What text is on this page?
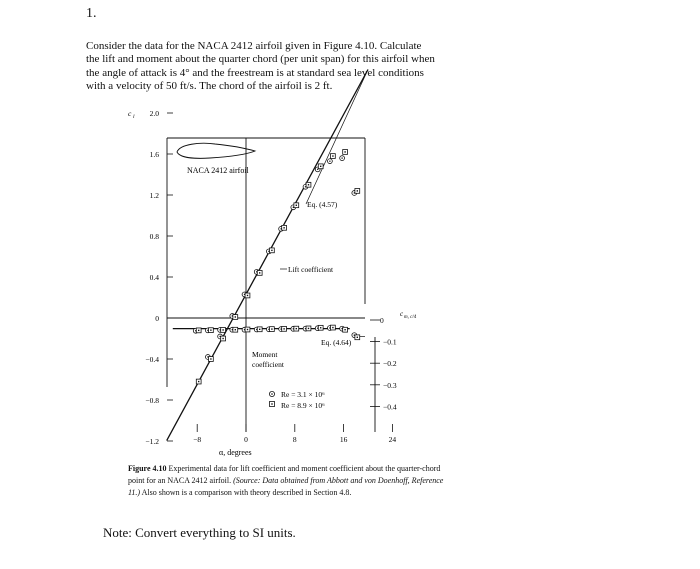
1.
Consider the data for the NACA 2412 airfoil given in Figure 4.10. Calculate the lift and moment about the quarter chord (per unit span) for this airfoil when the angle of attack is 4° and the freestream is at standard sea level conditions with a velocity of 50 ft/s. The chord of the airfoil is 2 ft.
NACA 2412 airfoil
2.0
1.6
1.2
0.8
0.4
0
−0.4
−0.8
−1.2
c l
0
−0.1
−0.2
−0.3
−0.4
c m, c/4
−8	0	8	16	24
Eq. (4.57)
Lift coefficient
Eq. (4.64)
Moment
coefficient
Re = 3.1 × 10⁶
Re = 8.9 × 10⁶
α, degrees
Figure 4.10 Experimental data for lift coefficient and moment coefficient about the quarter-chord point for an NACA 2412 airfoil. (Source: Data obtained from Abbott and von Doenhoff, Reference 11.) Also shown is a comparison with theory described in Section 4.8.
Note: Convert everything to SI units.
